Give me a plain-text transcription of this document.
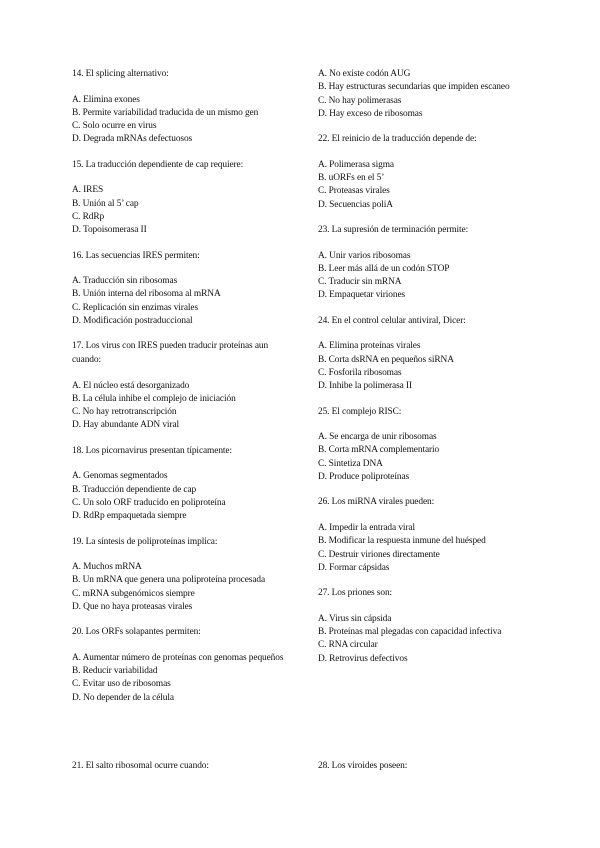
14. El splicing alternativo:
A. Elimina exones
B. Permite variabilidad traducida de un mismo gen
C. Solo ocurre en virus
D. Degrada mRNAs defectuosos
15. La traducción dependiente de cap requiere:
A. IRES
B. Unión al 5’ cap
C. RdRp
D. Topoisomerasa II
16. Las secuencias IRES permiten:
A. Traducción sin ribosomas
B. Unión interna del ribosoma al mRNA
C. Replicación sin enzimas virales
D. Modificación postraduccional
17. Los virus con IRES pueden traducir proteínas aun cuando:
A. El núcleo está desorganizado
B. La célula inhibe el complejo de iniciación
C. No hay retrotranscripción
D. Hay abundante ADN viral
18. Los picornavirus presentan típicamente:
A. Genomas segmentados
B. Traducción dependiente de cap
C. Un solo ORF traducido en poliproteína
D. RdRp empaquetada siempre
19. La síntesis de poliproteínas implica:
A. Muchos mRNA
B. Un mRNA que genera una poliproteína procesada
C. mRNA subgenómicos siempre
D. Que no haya proteasas virales
20. Los ORFs solapantes permiten:
A. Aumentar número de proteínas con genomas pequeños
B. Reducir variabilidad
C. Evitar uso de ribosomas
D. No depender de la célula
A. No existe codón AUG
B. Hay estructuras secundarias que impiden escaneo
C. No hay polimerasas
D. Hay exceso de ribosomas
22. El reinicio de la traducción depende de:
A. Polimerasa sigma
B. uORFs en el 5’
C. Proteasas virales
D. Secuencias poliA
23. La supresión de terminación permite:
A. Unir varios ribosomas
B. Leer más allá de un codón STOP
C. Traducir sin mRNA
D. Empaquetar viriones
24. En el control celular antiviral, Dicer:
A. Elimina proteínas virales
B. Corta dsRNA en pequeños siRNA
C. Fosforila ribosomas
D. Inhibe la polimerasa II
25. El complejo RISC:
A. Se encarga de unir ribosomas
B. Corta mRNA complementario
C. Sintetiza DNA
D. Produce poliproteínas
26. Los miRNA virales pueden:
A. Impedir la entrada viral
B. Modificar la respuesta inmune del huésped
C. Destruir viriones directamente
D. Formar cápsidas
27. Los priones son:
A. Virus sin cápsida
B. Proteínas mal plegadas con capacidad infectiva
C. RNA circular
D. Retrovirus defectivos
21. El salto ribosomal ocurre cuando:	28. Los viroides poseen:
